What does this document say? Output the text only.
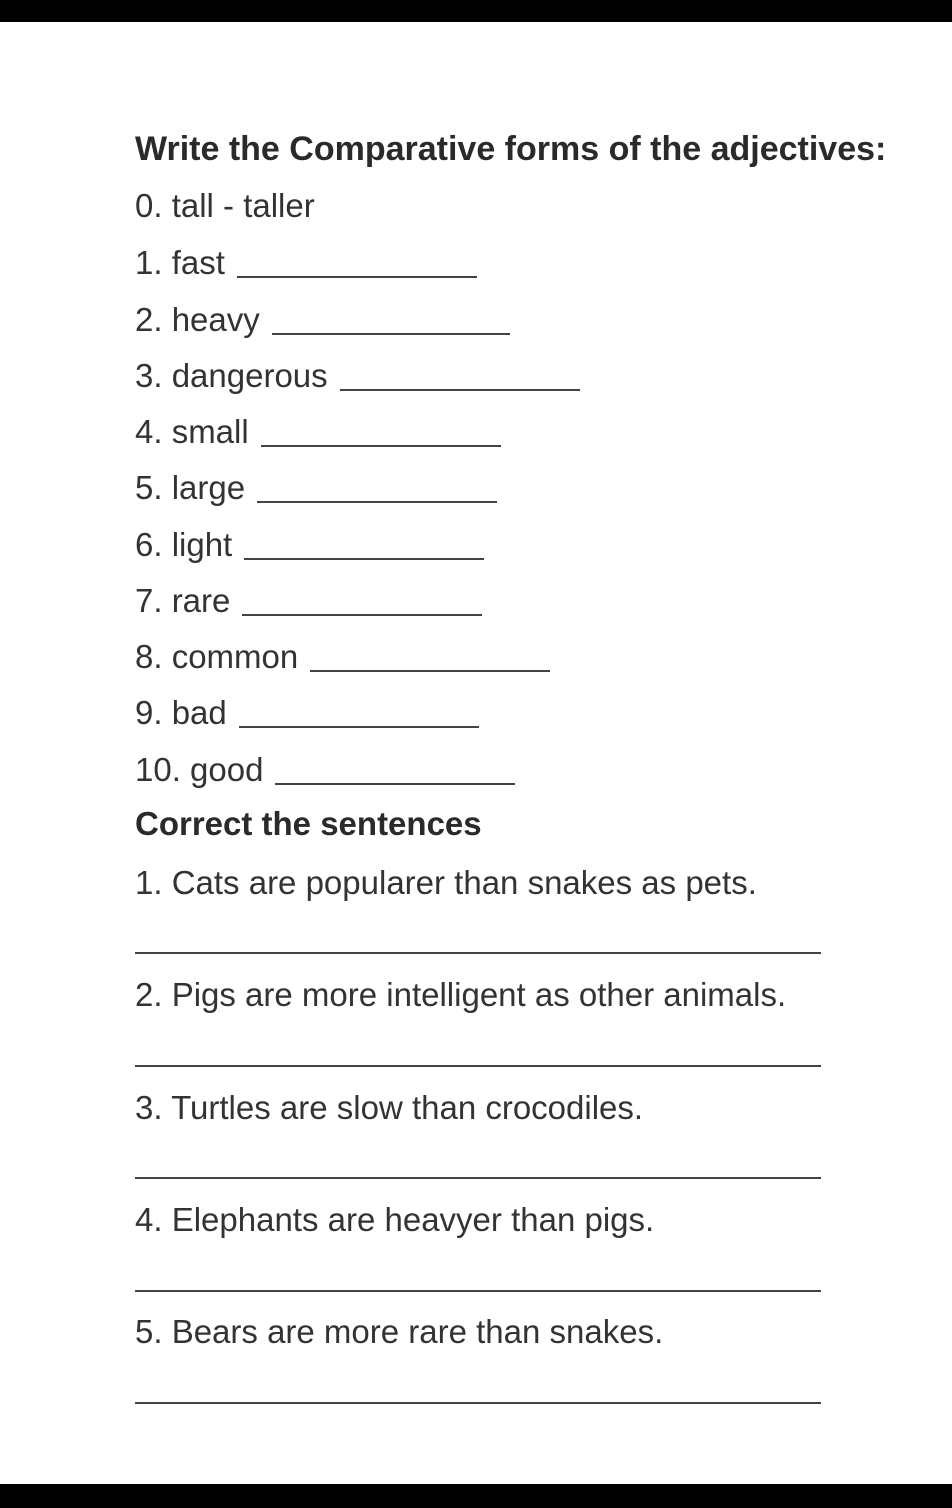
Write the Comparative forms of the adjectives:
0. tall - taller
1. fast
2. heavy
3. dangerous
4. small
5. large
6. light
7. rare
8. common
9. bad
10. good
Correct the sentences
1. Cats are popularer than snakes as pets.
2. Pigs are more intelligent as other animals.
3. Turtles are slow than crocodiles.
4. Elephants are heavyer than pigs.
5. Bears are more rare than snakes.
